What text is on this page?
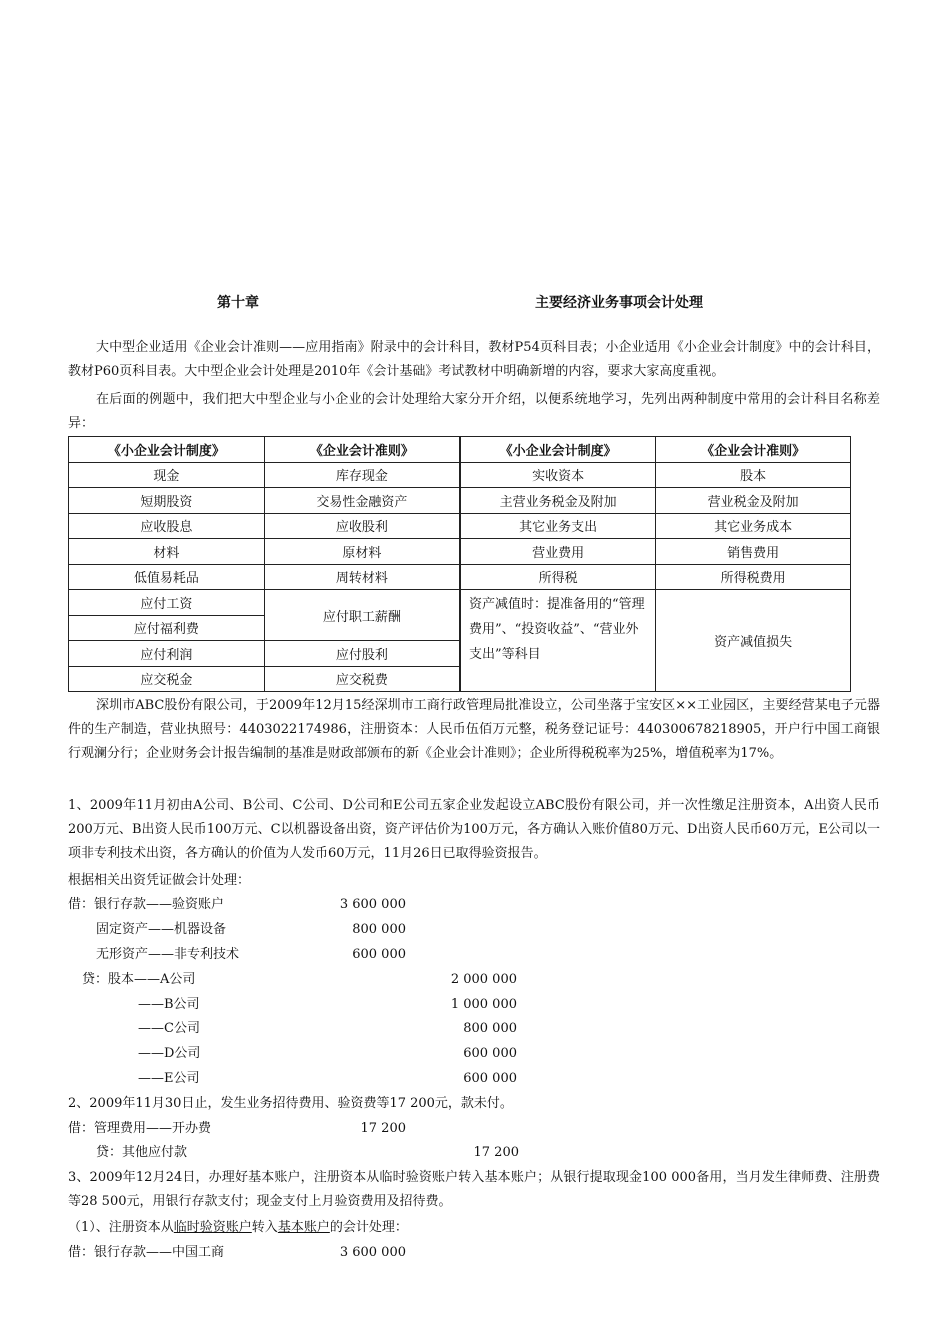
第十章	主要经济业务事项会计处理

大中型企业适用《企业会计准则——应用指南》附录中的会计科目，教材P54页科目表；小企业适用《小企业会计制度》中的会计科目，教材P60页科目表。大中型企业会计处理是2010年《会计基础》考试教材中明确新增的内容，要求大家高度重视。

在后面的例题中，我们把大中型企业与小企业的会计处理给大家分开介绍，以便系统地学习，先列出两种制度中常用的会计科目名称差异：

《小企业会计制度》	《企业会计准则》	《小企业会计制度》	《企业会计准则》
现金	库存现金	实收资本	股本
短期股资	交易性金融资产	主营业务税金及附加	营业税金及附加
应收股息	应收股利	其它业务支出	其它业务成本
材料	原材料	营业费用	销售费用
低值易耗品	周转材料	所得税	所得税费用
应付工资	应付职工薪酬	资产减值时：提准备用的“管理费用”、“投资收益”、“营业外支出”等科目	资产减值损失
应付福利费			
应付利润	应付股利		
应交税金	应交税费		

深圳市ABC股份有限公司，于2009年12月15经深圳市工商行政管理局批准设立，公司坐落于宝安区××工业园区，主要经营某电子元器件的生产制造，营业执照号：4403022174986，注册资本：人民币伍佰万元整，税务登记证号：440300678218905，开户行中国工商银行观澜分行；企业财务会计报告编制的基准是财政部颁布的新《企业会计准则》；企业所得税税率为25%，增值税率为17%。

1、2009年11月初由A公司、B公司、C公司、D公司和E公司五家企业发起设立ABC股份有限公司，并一次性缴足注册资本，A出资人民币200万元、B出资人民币100万元、C以机器设备出资，资产评估价为100万元，各方确认入账价值80万元、D出资人民币60万元，E公司以一项非专利技术出资，各方确认的价值为人发币60万元，11月26日已取得验资报告。

根据相关出资凭证做会计处理：
借：银行存款——验资账户	3 600 000
固定资产——机器设备	800 000
无形资产——非专利技术	600 000
贷：股本——A公司	2 000 000
——B公司	1 000 000
——C公司	800 000
——D公司	600 000
——E公司	600 000
2、2009年11月30日止，发生业务招待费用、验资费等17 200元，款未付。
借：管理费用——开办费	17 200
贷：其他应付款	17 200

3、2009年12月24日，办理好基本账户，注册资本从临时验资账户转入基本账户；从银行提取现金100 000备用，当月发生律师费、注册费等28 500元，用银行存款支付；现金支付上月验资费用及招待费。

（1）、注册资本从临时验资账户转入基本账户的会计处理：
借：银行存款——中国工商	3 600 000
